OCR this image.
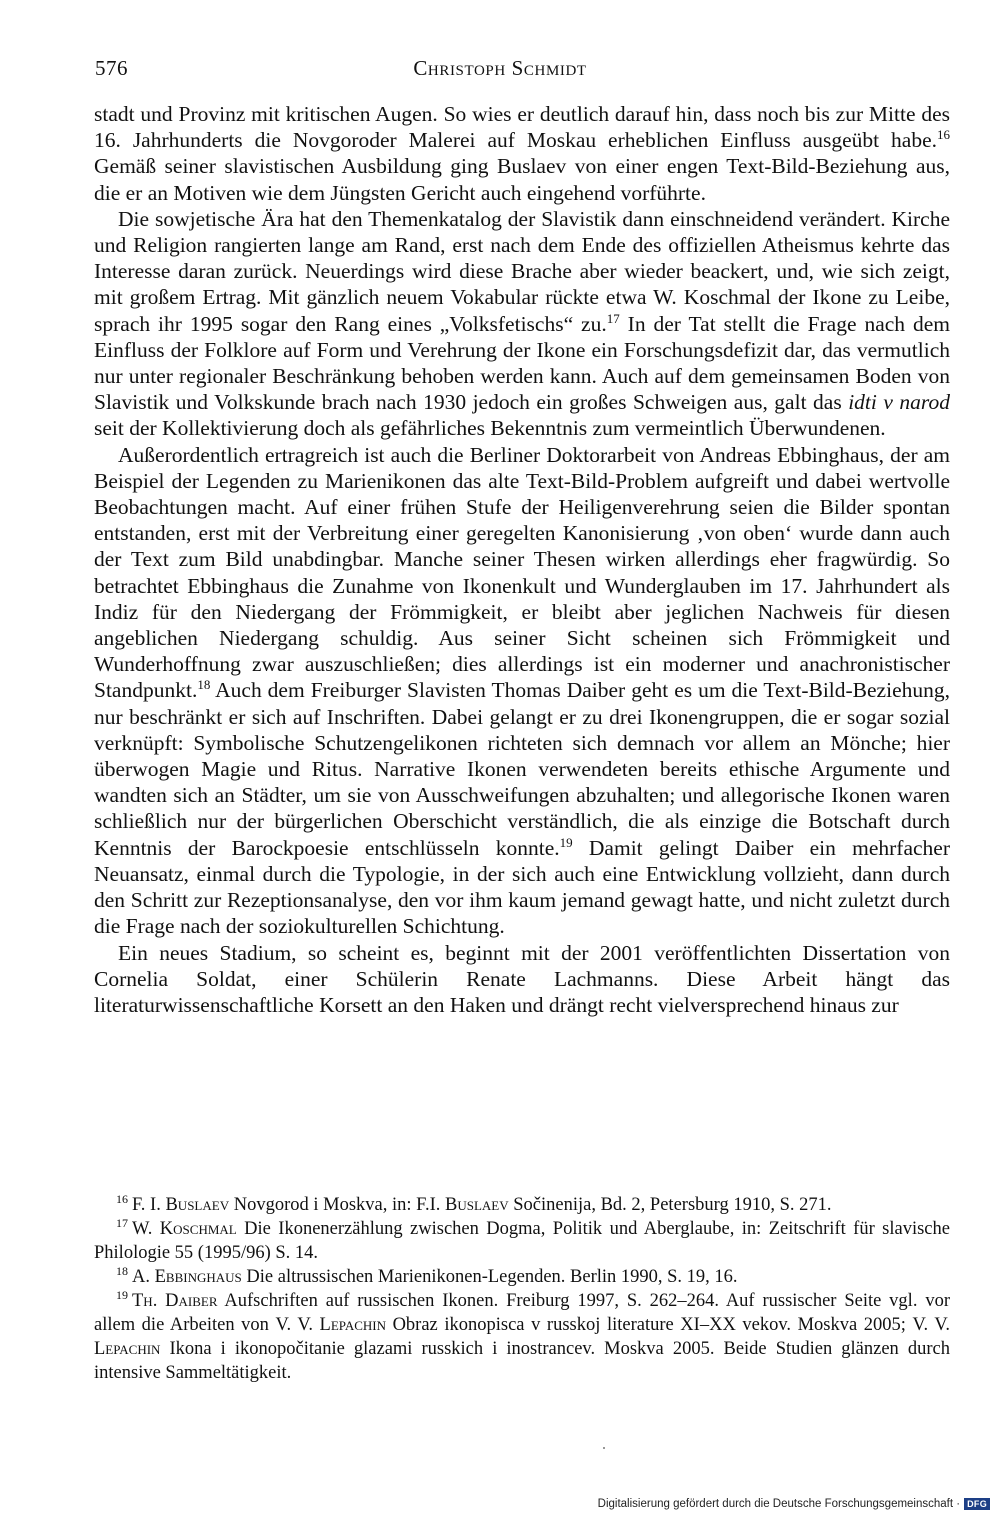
576	Christoph Schmidt

stadt und Provinz mit kritischen Augen. So wies er deutlich darauf hin, dass noch bis zur Mitte des 16. Jahrhunderts die Novgoroder Malerei auf Moskau erheblichen Einfluss ausgeübt habe.$^{16}$ Gemäß seiner slavistischen Ausbildung ging Buslaev von einer engen Text-Bild-Beziehung aus, die er an Motiven wie dem Jüngsten Gericht auch eingehend vorführte.

Die sowjetische Ära hat den Themenkatalog der Slavistik dann einschneidend verändert. Kirche und Religion rangierten lange am Rand, erst nach dem Ende des offiziellen Atheismus kehrte das Interesse daran zurück. Neuerdings wird diese Brache aber wieder beackert, und, wie sich zeigt, mit großem Ertrag. Mit gänzlich neuem Vokabular rückte etwa W. Koschmal der Ikone zu Leibe, sprach ihr 1995 sogar den Rang eines „Volksfetischs“ zu.$^{17}$ In der Tat stellt die Frage nach dem Einfluss der Folklore auf Form und Verehrung der Ikone ein Forschungsdefizit dar, das vermutlich nur unter regionaler Beschränkung behoben werden kann. Auch auf dem gemeinsamen Boden von Slavistik und Volkskunde brach nach 1930 jedoch ein großes Schweigen aus, galt das idti v narod seit der Kollektivierung doch als gefährliches Bekenntnis zum vermeintlich Überwundenen.

Außerordentlich ertragreich ist auch die Berliner Doktorarbeit von Andreas Ebbinghaus, der am Beispiel der Legenden zu Marienikonen das alte Text-Bild-Problem aufgreift und dabei wertvolle Beobachtungen macht. Auf einer frühen Stufe der Heiligenverehrung seien die Bilder spontan entstanden, erst mit der Verbreitung einer geregelten Kanonisierung ‚von oben‘ wurde dann auch der Text zum Bild unabdingbar. Manche seiner Thesen wirken allerdings eher fragwürdig. So betrachtet Ebbinghaus die Zunahme von Ikonenkult und Wunderglauben im 17. Jahrhundert als Indiz für den Niedergang der Frömmigkeit, er bleibt aber jeglichen Nachweis für diesen angeblichen Niedergang schuldig. Aus seiner Sicht scheinen sich Frömmigkeit und Wunderhoffnung zwar auszuschließen; dies allerdings ist ein moderner und anachronistischer Standpunkt.$^{18}$ Auch dem Freiburger Slavisten Thomas Daiber geht es um die Text-Bild-Beziehung, nur beschränkt er sich auf Inschriften. Dabei gelangt er zu drei Ikonengruppen, die er sogar sozial verknüpft: Symbolische Schutzengelikonen richteten sich demnach vor allem an Mönche; hier überwogen Magie und Ritus. Narrative Ikonen verwendeten bereits ethische Argumente und wandten sich an Städter, um sie von Ausschweifungen abzuhalten; und allegorische Ikonen waren schließlich nur der bürgerlichen Oberschicht verständlich, die als einzige die Botschaft durch Kenntnis der Barockpoesie entschlüsseln konnte.$^{19}$ Damit gelingt Daiber ein mehrfacher Neuansatz, einmal durch die Typologie, in der sich auch eine Entwicklung vollzieht, dann durch den Schritt zur Rezeptionsanalyse, den vor ihm kaum jemand gewagt hatte, und nicht zuletzt durch die Frage nach der soziokulturellen Schichtung.

Ein neues Stadium, so scheint es, beginnt mit der 2001 veröffentlichten Dissertation von Cornelia Soldat, einer Schülerin Renate Lachmanns. Diese Arbeit hängt das literaturwissenschaftliche Korsett an den Haken und drängt recht vielversprechend hinaus zur

$^{16}$ F. I. Buslaev Novgorod i Moskva, in: F.I. Buslaev Sočinenija, Bd. 2, Petersburg 1910, S. 271.

$^{17}$ W. Koschmal Die Ikonenerzählung zwischen Dogma, Politik und Aberglaube, in: Zeitschrift für slavische Philologie 55 (1995/96) S. 14.

$^{18}$ A. Ebbinghaus Die altrussischen Marienikonen-Legenden. Berlin 1990, S. 19, 16.

$^{19}$ Th. Daiber Aufschriften auf russischen Ikonen. Freiburg 1997, S. 262–264. Auf russischer Seite vgl. vor allem die Arbeiten von V. V. Lepachin Obraz ikonopisca v russkoj literature XI–XX vekov. Moskva 2005; V. V. Lepachin Ikona i ikonopočitanie glazami russkich i inostrancev. Moskva 2005. Beide Studien glänzen durch intensive Sammeltätigkeit.

Digitalisierung gefördert durch die Deutsche Forschungsgemeinschaft · DFG
